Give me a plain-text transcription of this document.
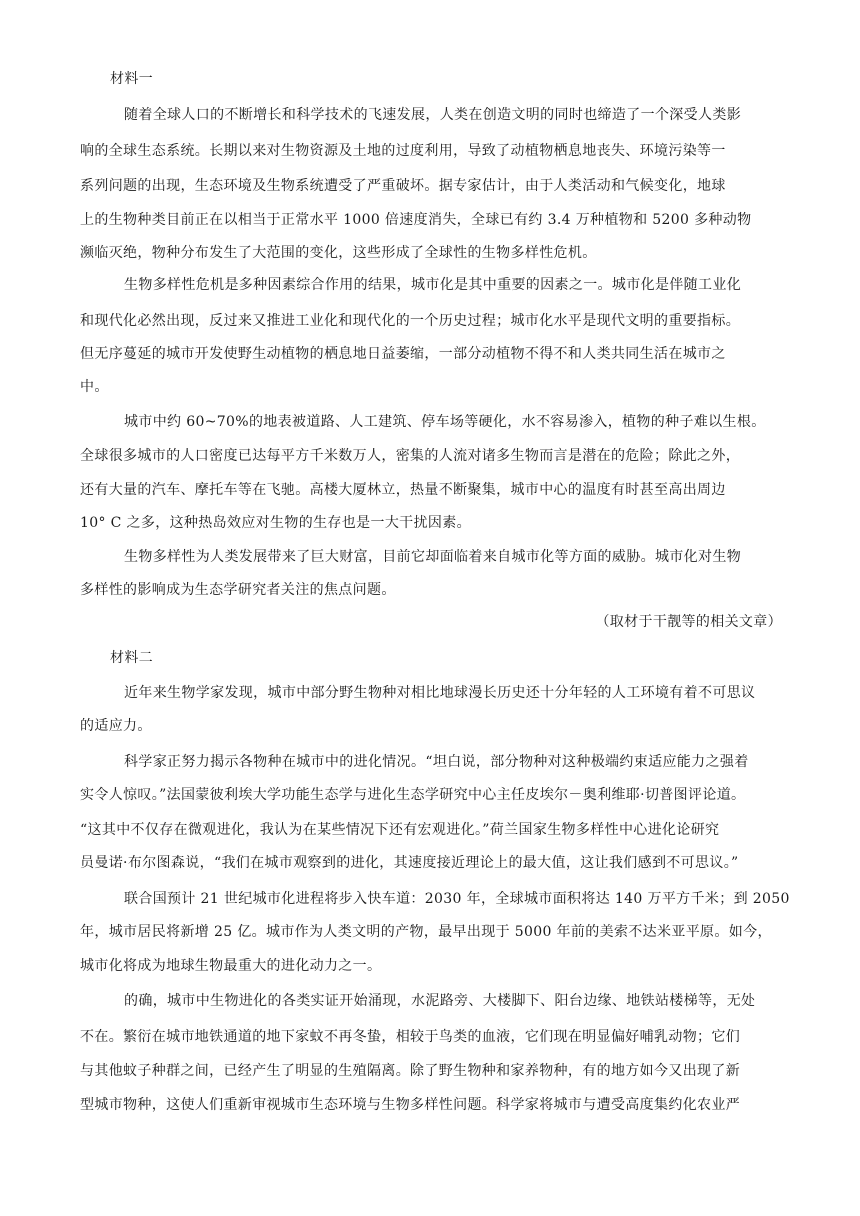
材料一
随着全球人口的不断增长和科学技术的飞速发展，人类在创造文明的同时也缔造了一个深受人类影
响的全球生态系统。长期以来对生物资源及土地的过度利用，导致了动植物栖息地丧失、环境污染等一
系列问题的出现，生态环境及生物系统遭受了严重破坏。据专家估计，由于人类活动和气候变化，地球
上的生物种类目前正在以相当于正常水平 1000 倍速度消失，全球已有约 3.4 万种植物和 5200 多种动物
濒临灭绝，物种分布发生了大范围的变化，这些形成了全球性的生物多样性危机。
生物多样性危机是多种因素综合作用的结果，城市化是其中重要的因素之一。城市化是伴随工业化
和现代化必然出现，反过来又推进工业化和现代化的一个历史过程；城市化水平是现代文明的重要指标。
但无序蔓延的城市开发使野生动植物的栖息地日益萎缩，一部分动植物不得不和人类共同生活在城市之
中。
城市中约 60~70%的地表被道路、人工建筑、停车场等硬化，水不容易渗入，植物的种子难以生根。
全球很多城市的人口密度已达每平方千米数万人，密集的人流对诸多生物而言是潜在的危险；除此之外，
还有大量的汽车、摩托车等在飞驰。高楼大厦林立，热量不断聚集，城市中心的温度有时甚至高出周边
10° C 之多，这种热岛效应对生物的生存也是一大干扰因素。
生物多样性为人类发展带来了巨大财富，目前它却面临着来自城市化等方面的威胁。城市化对生物
多样性的影响成为生态学研究者关注的焦点问题。
（取材于干靓等的相关文章）
材料二
近年来生物学家发现，城市中部分野生物种对相比地球漫长历史还十分年轻的人工环境有着不可思议
的适应力。
科学家正努力揭示各物种在城市中的进化情况。“坦白说，部分物种对这种极端约束适应能力之强着
实令人惊叹。”法国蒙彼利埃大学功能生态学与进化生态学研究中心主任皮埃尔－奥利维耶·切普图评论道。
“这其中不仅存在微观进化，我认为在某些情况下还有宏观进化。”荷兰国家生物多样性中心进化论研究
员曼诺·布尔图森说，“我们在城市观察到的进化，其速度接近理论上的最大值，这让我们感到不可思议。”
联合国预计 21 世纪城市化进程将步入快车道：2030 年，全球城市面积将达 140 万平方千米；到 2050
年，城市居民将新增 25 亿。城市作为人类文明的产物，最早出现于 5000 年前的美索不达米亚平原。如今，
城市化将成为地球生物最重大的进化动力之一。
的确，城市中生物进化的各类实证开始涌现，水泥路旁、大楼脚下、阳台边缘、地铁站楼梯等，无处
不在。繁衍在城市地铁通道的地下家蚊不再冬蛰，相较于鸟类的血液，它们现在明显偏好哺乳动物；它们
与其他蚊子种群之间，已经产生了明显的生殖隔离。除了野生物种和家养物种，有的地方如今又出现了新
型城市物种，这使人们重新审视城市生态环境与生物多样性问题。科学家将城市与遭受高度集约化农业严
